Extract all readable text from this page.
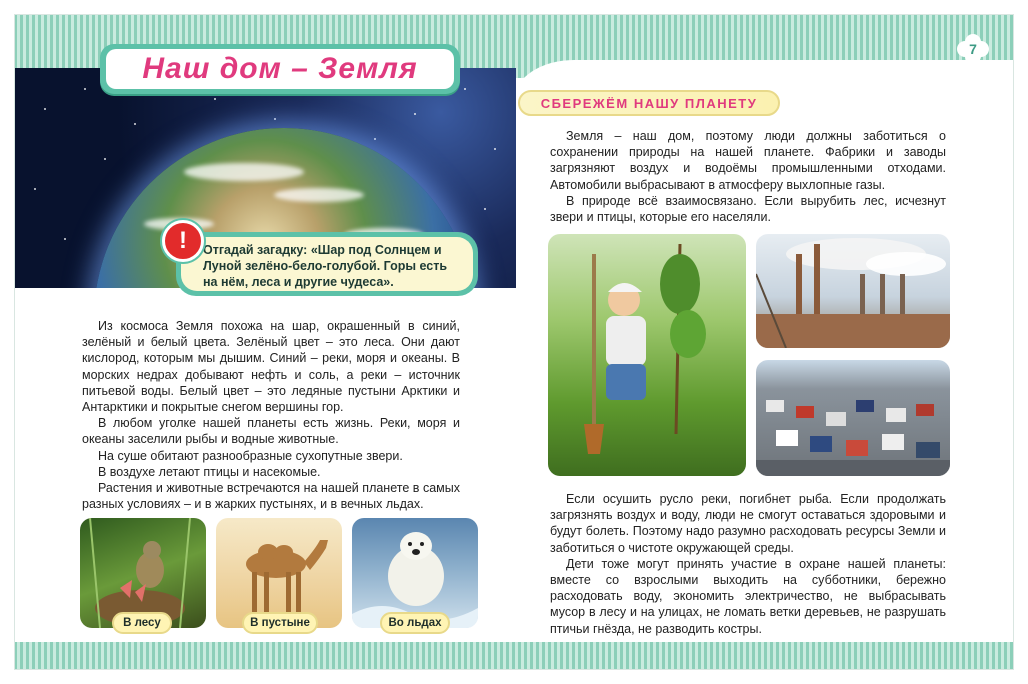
Наш дом – Земля
7
Отгадай загадку: «Шар под Солнцем и Луной зелёно-бело-голубой. Горы есть на нём, леса и другие чудеса».
!

Из космоса Земля похожа на шар, окрашенный в синий, зелёный и белый цвета. Зелёный цвет – это леса. Они дают кислород, которым мы дышим. Синий – реки, моря и океаны. В морских недрах добывают нефть и соль, а реки – источник питьевой воды. Белый цвет – это ледяные пустыни Арктики и Антарктики и покрытые снегом вершины гор.

В любом уголке нашей планеты есть жизнь. Реки, моря и океаны заселили рыбы и водные животные.

На суше обитают разнообразные сухопутные звери.

В воздухе летают птицы и насекомые.

Растения и животные встречаются на нашей планете в самых разных условиях – и в жарких пустынях, и в вечных льдах.

В лесу	В пустыне	Во льдах
СБЕРЕЖЁМ НАШУ ПЛАНЕТУ

Земля – наш дом, поэтому люди должны заботиться о сохранении природы на нашей планете. Фабрики и заводы загрязняют воздух и водоёмы промышленными отходами. Автомобили выбрасывают в атмосферу выхлопные газы.

В природе всё взаимосвязано. Если вырубить лес, исчезнут звери и птицы, которые его населяли.

Если осушить русло реки, погибнет рыба. Если продолжать загрязнять воздух и воду, люди не смогут оставаться здоровыми и будут болеть. Поэтому надо разумно расходовать ресурсы Земли и заботиться о чистоте окружающей среды.

Дети тоже могут принять участие в охране нашей планеты: вместе со взрослыми выходить на субботники, бережно расходовать воду, экономить электричество, не выбрасывать мусор в лесу и на улицах, не ломать ветки деревьев, не разрушать птичьи гнёзда, не разводить костры.
